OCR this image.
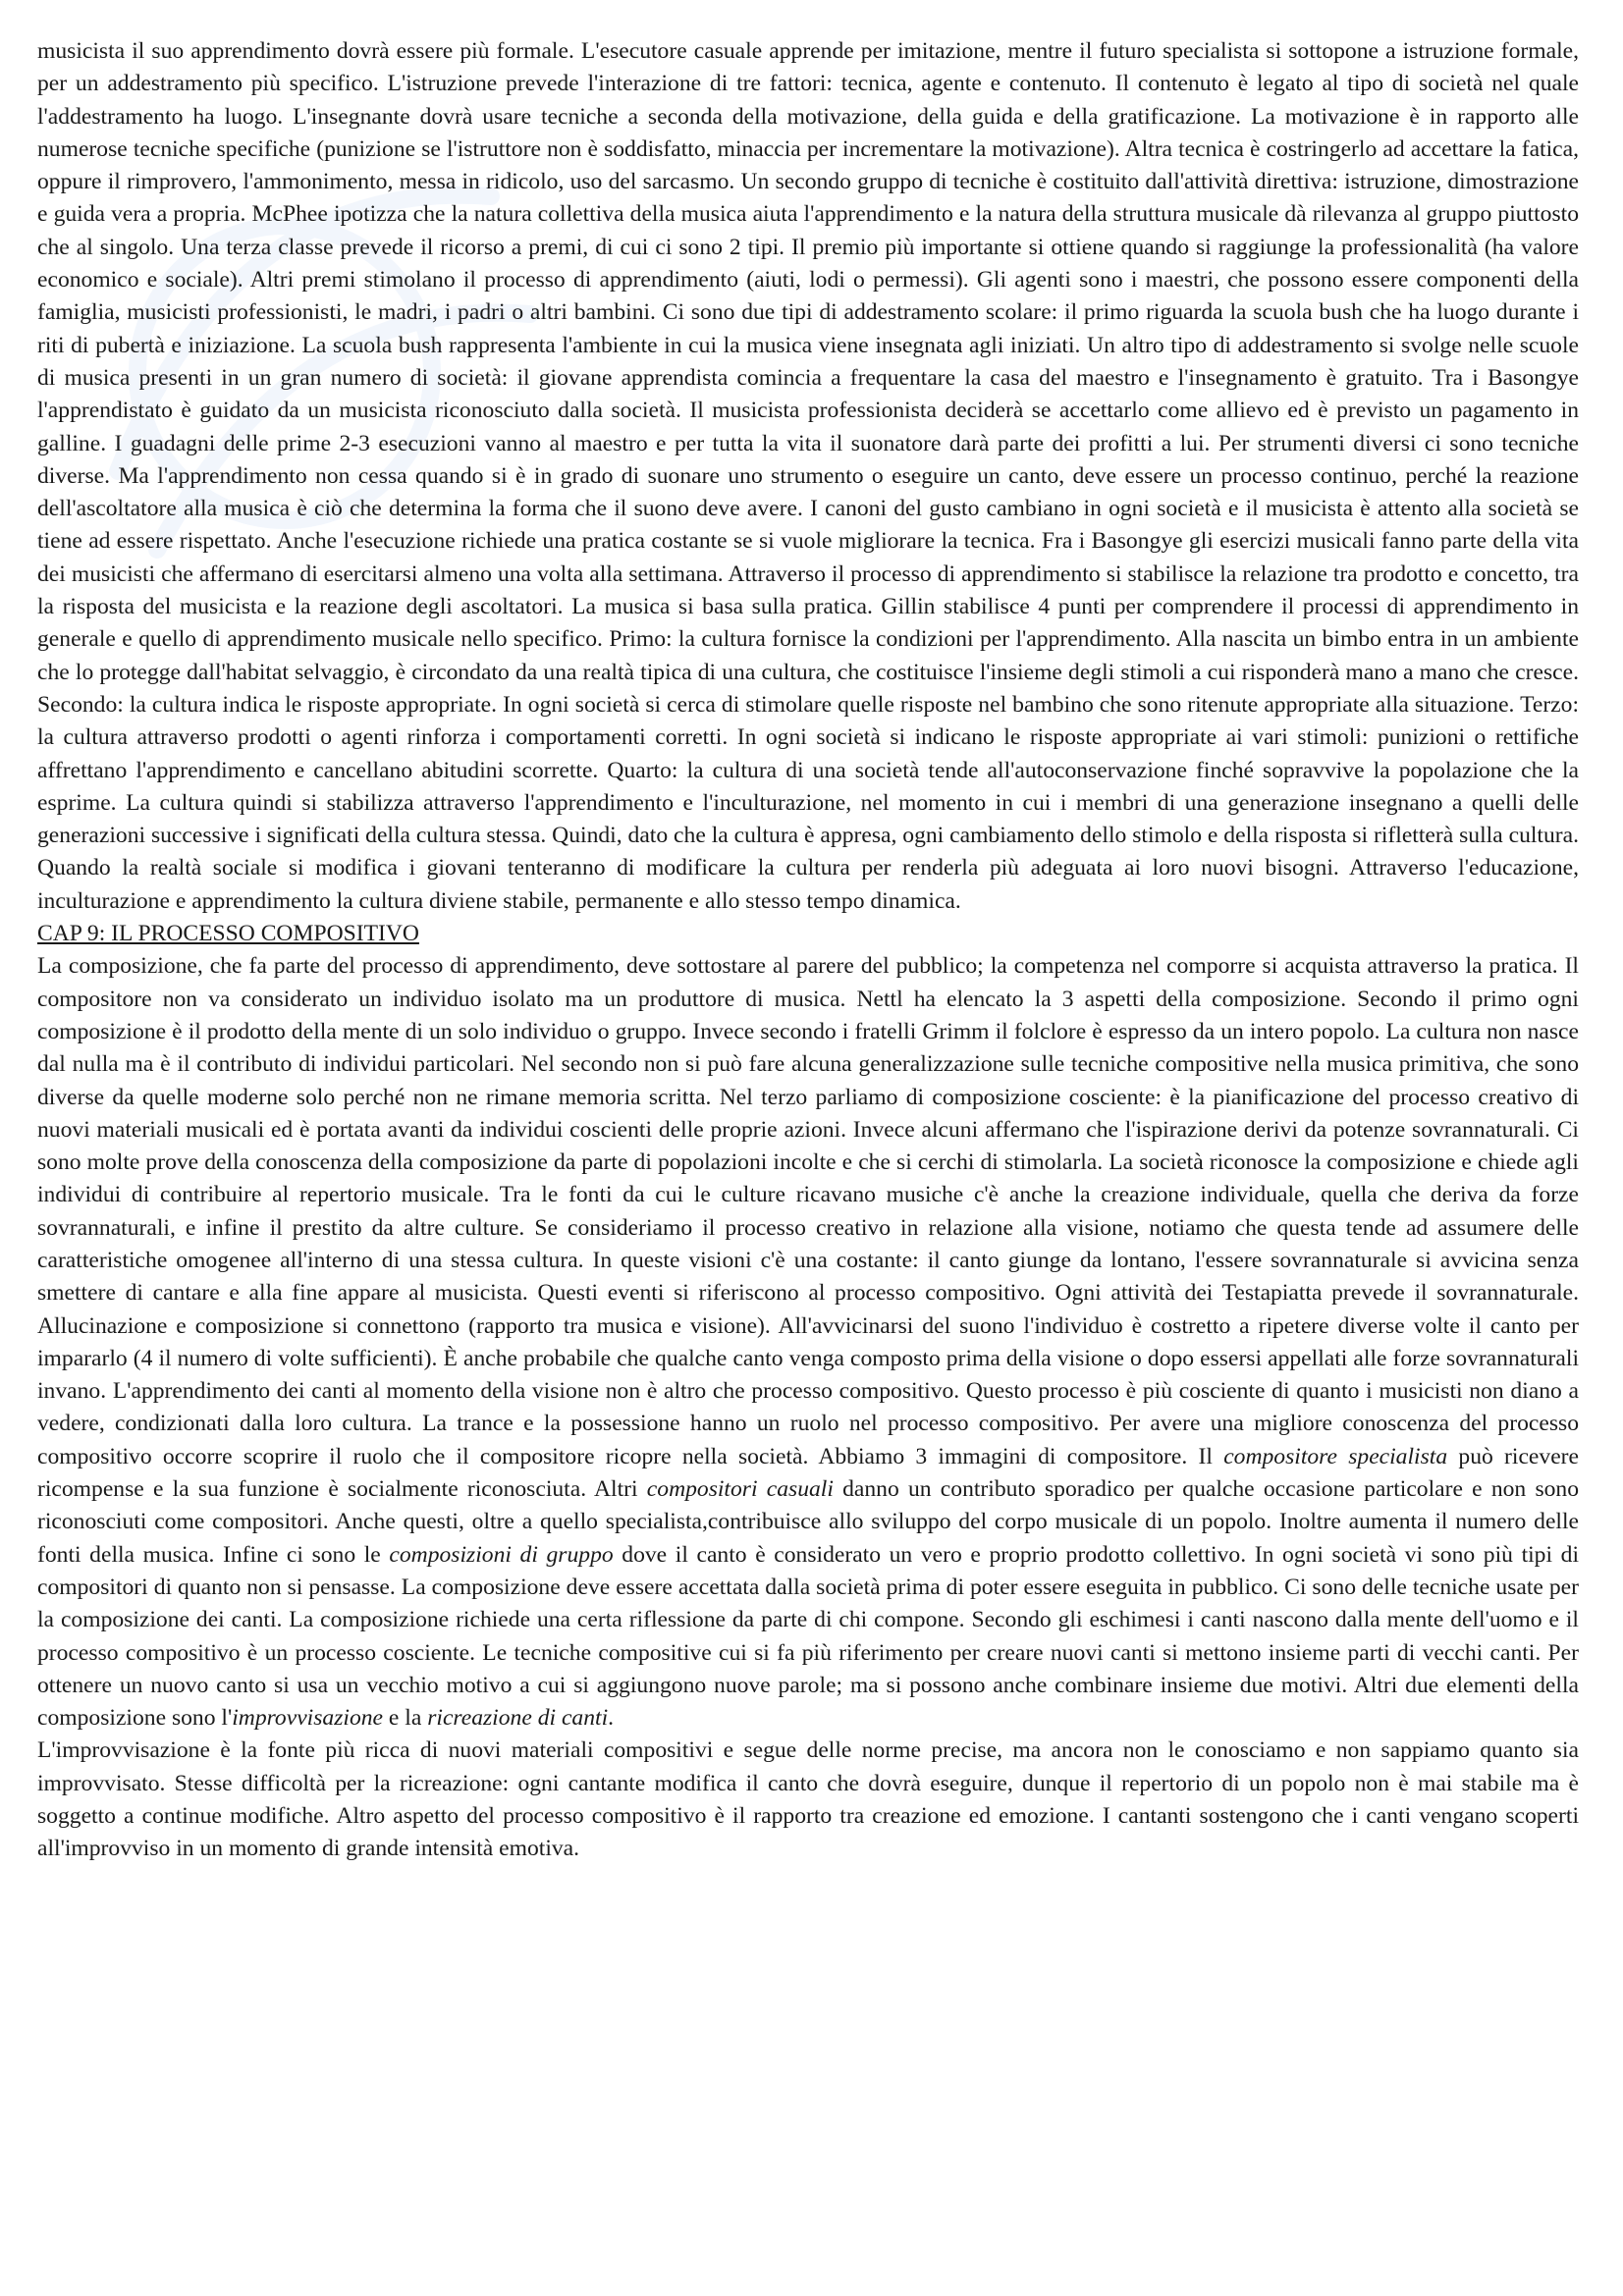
musicista il suo apprendimento dovrà essere più formale. L'esecutore casuale apprende per imitazione, mentre il futuro specialista si sottopone a istruzione formale, per un addestramento più specifico. L'istruzione prevede l'interazione di tre fattori: tecnica, agente e contenuto. Il contenuto è legato al tipo di società nel quale l'addestramento ha luogo. L'insegnante dovrà usare tecniche a seconda della motivazione, della guida e della gratificazione. La motivazione è in rapporto alle numerose tecniche specifiche (punizione se l'istruttore non è soddisfatto, minaccia per incrementare la motivazione). Altra tecnica è costringerlo ad accettare la fatica, oppure il rimprovero, l'ammonimento, messa in ridicolo, uso del sarcasmo. Un secondo gruppo di tecniche è costituito dall'attività direttiva: istruzione, dimostrazione e guida vera a propria. McPhee ipotizza che la natura collettiva della musica aiuta l'apprendimento e la natura della struttura musicale dà rilevanza al gruppo piuttosto che al singolo. Una terza classe prevede il ricorso a premi, di cui ci sono 2 tipi. Il premio più importante si ottiene quando si raggiunge la professionalità (ha valore economico e sociale). Altri premi stimolano il processo di apprendimento (aiuti, lodi o permessi). Gli agenti sono i maestri, che possono essere componenti della famiglia, musicisti professionisti, le madri, i padri o altri bambini. Ci sono due tipi di addestramento scolare: il primo riguarda la scuola bush che ha luogo durante i riti di pubertà e iniziazione. La scuola bush rappresenta l'ambiente in cui la musica viene insegnata agli iniziati. Un altro tipo di addestramento si svolge nelle scuole di musica presenti in un gran numero di società: il giovane apprendista comincia a frequentare la casa del maestro e l'insegnamento è gratuito. Tra i Basongye l'apprendistato è guidato da un musicista riconosciuto dalla società. Il musicista professionista deciderà se accettarlo come allievo ed è previsto un pagamento in galline. I guadagni delle prime 2-3 esecuzioni vanno al maestro e per tutta la vita il suonatore darà parte dei profitti a lui. Per strumenti diversi ci sono tecniche diverse. Ma l'apprendimento non cessa quando si è in grado di suonare uno strumento o eseguire un canto, deve essere un processo continuo, perché la reazione dell'ascoltatore alla musica è ciò che determina la forma che il suono deve avere. I canoni del gusto cambiano in ogni società e il musicista è attento alla società se tiene ad essere rispettato. Anche l'esecuzione richiede una pratica costante se si vuole migliorare la tecnica. Fra i Basongye gli esercizi musicali fanno parte della vita dei musicisti che affermano di esercitarsi almeno una volta alla settimana. Attraverso il processo di apprendimento si stabilisce la relazione tra prodotto e concetto, tra la risposta del musicista e la reazione degli ascoltatori. La musica si basa sulla pratica. Gillin stabilisce 4 punti per comprendere il processi di apprendimento in generale e quello di apprendimento musicale nello specifico. Primo: la cultura fornisce la condizioni per l'apprendimento. Alla nascita un bimbo entra in un ambiente che lo protegge dall'habitat selvaggio, è circondato da una realtà tipica di una cultura, che costituisce l'insieme degli stimoli a cui risponderà mano a mano che cresce. Secondo: la cultura indica le risposte appropriate. In ogni società si cerca di stimolare quelle risposte nel bambino che sono ritenute appropriate alla situazione. Terzo: la cultura attraverso prodotti o agenti rinforza i comportamenti corretti. In ogni società si indicano le risposte appropriate ai vari stimoli: punizioni o rettifiche affrettano l'apprendimento e cancellano abitudini scorrette. Quarto: la cultura di una società tende all'autoconservazione finché sopravvive la popolazione che la esprime. La cultura quindi si stabilizza attraverso l'apprendimento e l'inculturazione, nel momento in cui i membri di una generazione insegnano a quelli delle generazioni successive i significati della cultura stessa. Quindi, dato che la cultura è appresa, ogni cambiamento dello stimolo e della risposta si rifletterà sulla cultura. Quando la realtà sociale si modifica i giovani tenteranno di modificare la cultura per renderla più adeguata ai loro nuovi bisogni. Attraverso l'educazione, inculturazione e apprendimento la cultura diviene stabile, permanente e allo stesso tempo dinamica.

CAP 9: IL PROCESSO COMPOSITIVO

La composizione, che fa parte del processo di apprendimento, deve sottostare al parere del pubblico; la competenza nel comporre si acquista attraverso la pratica. Il compositore non va considerato un individuo isolato ma un produttore di musica. Nettl ha elencato la 3 aspetti della composizione. Secondo il primo ogni composizione è il prodotto della mente di un solo individuo o gruppo. Invece secondo i fratelli Grimm il folclore è espresso da un intero popolo. La cultura non nasce dal nulla ma è il contributo di individui particolari. Nel secondo non si può fare alcuna generalizzazione sulle tecniche compositive nella musica primitiva, che sono diverse da quelle moderne solo perché non ne rimane memoria scritta. Nel terzo parliamo di composizione cosciente: è la pianificazione del processo creativo di nuovi materiali musicali ed è portata avanti da individui coscienti delle proprie azioni. Invece alcuni affermano che l'ispirazione derivi da potenze sovrannaturali. Ci sono molte prove della conoscenza della composizione da parte di popolazioni incolte e che si cerchi di stimolarla. La società riconosce la composizione e chiede agli individui di contribuire al repertorio musicale. Tra le fonti da cui le culture ricavano musiche c'è anche la creazione individuale, quella che deriva da forze sovrannaturali, e infine il prestito da altre culture. Se consideriamo il processo creativo in relazione alla visione, notiamo che questa tende ad assumere delle caratteristiche omogenee all'interno di una stessa cultura. In queste visioni c'è una costante: il canto giunge da lontano, l'essere sovrannaturale si avvicina senza smettere di cantare e alla fine appare al musicista. Questi eventi si riferiscono al processo compositivo. Ogni attività dei Testapiatta prevede il sovrannaturale. Allucinazione e composizione si connettono (rapporto tra musica e visione). All'avvicinarsi del suono l'individuo è costretto a ripetere diverse volte il canto per impararlo (4 il numero di volte sufficienti). È anche probabile che qualche canto venga composto prima della visione o dopo essersi appellati alle forze sovrannaturali invano. L'apprendimento dei canti al momento della visione non è altro che processo compositivo. Questo processo è più cosciente di quanto i musicisti non diano a vedere, condizionati dalla loro cultura. La trance e la possessione hanno un ruolo nel processo compositivo. Per avere una migliore conoscenza del processo compositivo occorre scoprire il ruolo che il compositore ricopre nella società. Abbiamo 3 immagini di compositore. Il compositore specialista può ricevere ricompense e la sua funzione è socialmente riconosciuta. Altri compositori casuali danno un contributo sporadico per qualche occasione particolare e non sono riconosciuti come compositori. Anche questi, oltre a quello specialista,contribuisce allo sviluppo del corpo musicale di un popolo. Inoltre aumenta il numero delle fonti della musica. Infine ci sono le composizioni di gruppo dove il canto è considerato un vero e proprio prodotto collettivo. In ogni società vi sono più tipi di compositori di quanto non si pensasse. La composizione deve essere accettata dalla società prima di poter essere eseguita in pubblico. Ci sono delle tecniche usate per la composizione dei canti. La composizione richiede una certa riflessione da parte di chi compone. Secondo gli eschimesi i canti nascono dalla mente dell'uomo e il processo compositivo è un processo cosciente. Le tecniche compositive cui si fa più riferimento per creare nuovi canti si mettono insieme parti di vecchi canti. Per ottenere un nuovo canto si usa un vecchio motivo a cui si aggiungono nuove parole; ma si possono anche combinare insieme due motivi. Altri due elementi della composizione sono l'improvvisazione e la ricreazione di canti.

L'improvvisazione è la fonte più ricca di nuovi materiali compositivi e segue delle norme precise, ma ancora non le conosciamo e non sappiamo quanto sia improvvisato. Stesse difficoltà per la ricreazione: ogni cantante modifica il canto che dovrà eseguire, dunque il repertorio di un popolo non è mai stabile ma è soggetto a continue modifiche. Altro aspetto del processo compositivo è il rapporto tra creazione ed emozione. I cantanti sostengono che i canti vengano scoperti all'improvviso in un momento di grande intensità emotiva.
